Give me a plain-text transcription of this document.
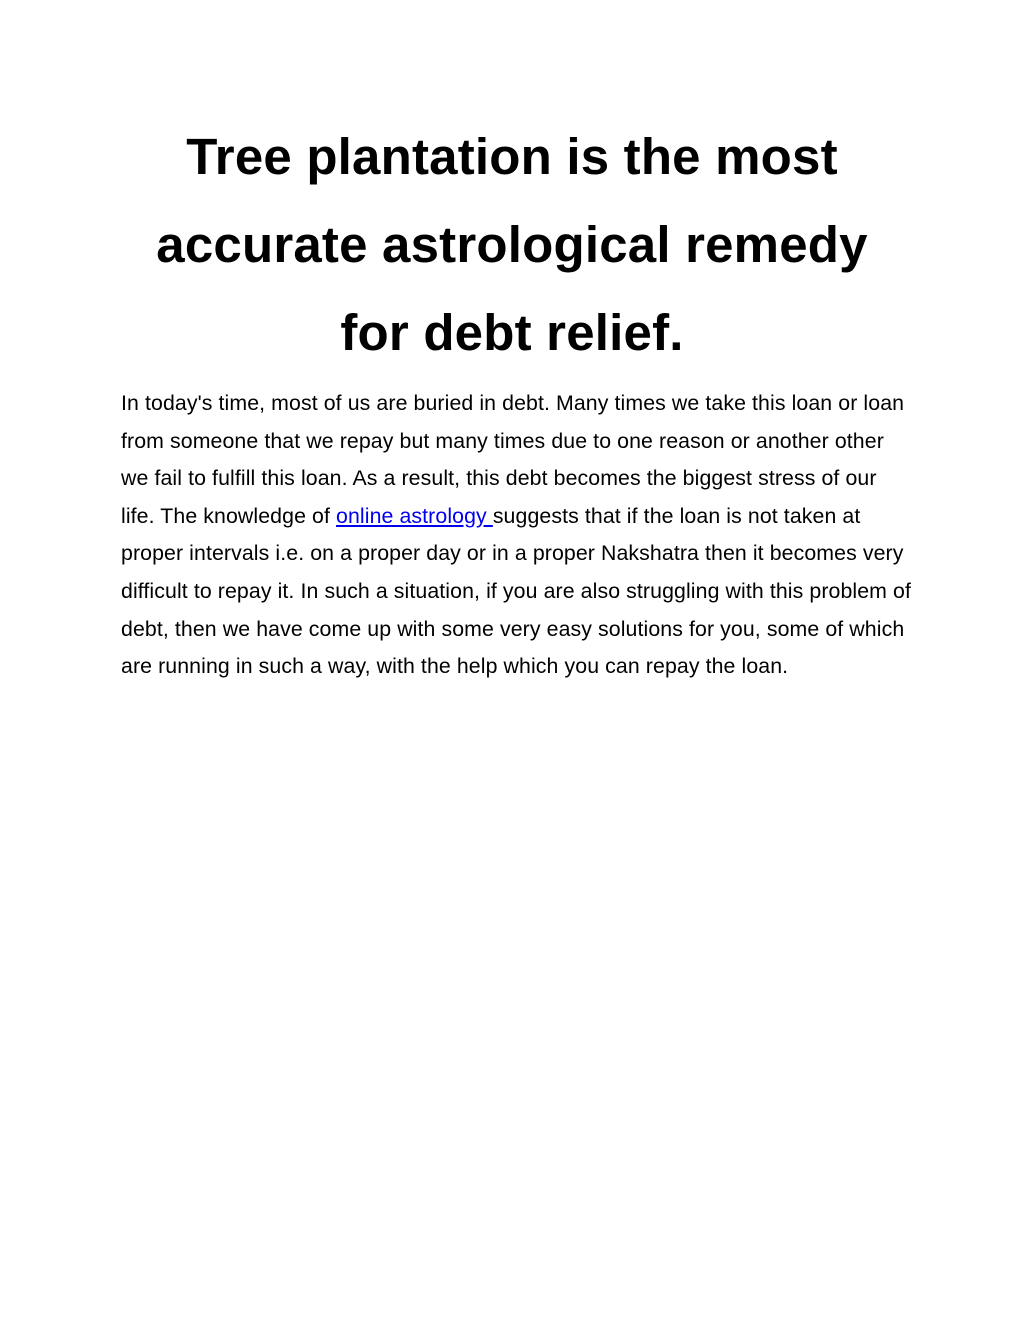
Tree plantation is the most
accurate astrological remedy
for debt relief.

In today's time, most of us are buried in debt. Many times we take this loan or loan from someone that we repay but many times due to one reason or another other we fail to fulfill this loan. As a result, this debt becomes the biggest stress of our life. The knowledge of online astrology suggests that if the loan is not taken at proper intervals i.e. on a proper day or in a proper Nakshatra then it becomes very difficult to repay it. In such a situation, if you are also struggling with this problem of debt, then we have come up with some very easy solutions for you, some of which are running in such a way, with the help which you can repay the loan.
